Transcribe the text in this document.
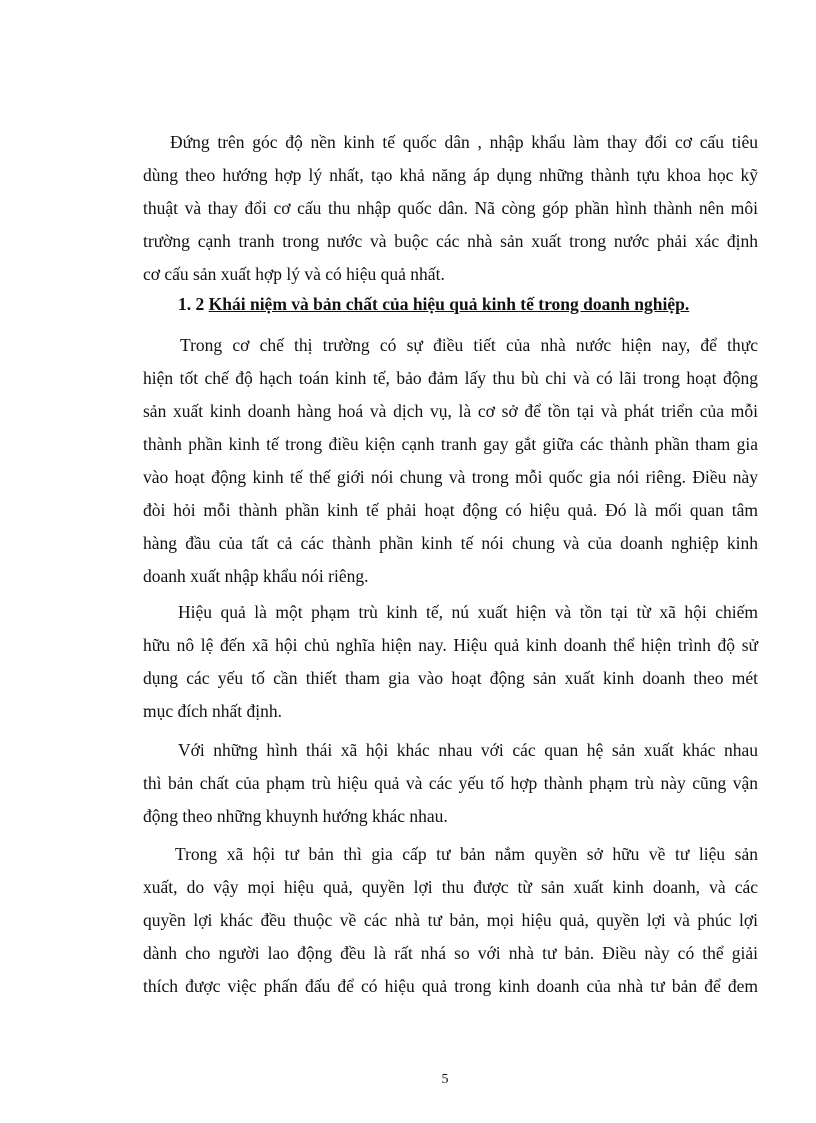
Đứng trên góc độ nền kinh tế quốc dân , nhập khẩu làm thay đổi cơ cấu tiêu
dùng theo hướng hợp lý nhất, tạo khả năng áp dụng những thành tựu khoa học kỹ
thuật và thay đổi cơ cấu thu nhập quốc dân. Nã còng góp phần hình thành nên môi
trường cạnh tranh trong nước và buộc các nhà sản xuất trong nước phải xác định
cơ cấu sản xuất hợp lý và có hiệu quả nhất.
1. 2 Khái niệm và bản chất của hiệu quả kinh tế trong doanh nghiệp.
Trong cơ chế thị trường có sự điều tiết của nhà nước hiện nay, để thực
hiện tốt chế độ hạch toán kinh tế, bảo đảm lấy thu bù chi và có lãi trong hoạt động
sản xuất kinh doanh hàng hoá và dịch vụ, là cơ sở để tồn tại và phát triển của mỗi
thành phần kinh tế trong điều kiện cạnh tranh gay gắt giữa các thành phần tham gia
vào hoạt động kinh tế thế giới nói chung và trong mỗi quốc gia nói riêng. Điều này
đòi hỏi mỗi thành phần kinh tế phải hoạt động có hiệu quả. Đó là mối quan tâm
hàng đầu của tất cả các thành phần kinh tế nói chung và của doanh nghiệp kinh
doanh xuất nhập khẩu nói riêng.
Hiệu quả là một phạm trù kinh tế, nú xuất hiện và tồn tại từ xã hội chiếm
hữu nô lệ đến xã hội chủ nghĩa hiện nay. Hiệu quả kinh doanh thể hiện trình độ sử
dụng các yếu tố cần thiết tham gia vào hoạt động sản xuất kinh doanh theo mét
mục đích nhất định.
Với những hình thái xã hội khác nhau với các quan hệ sản xuất khác nhau
thì bản chất của phạm trù hiệu quả và các yếu tố hợp thành phạm trù này cũng vận
động theo những khuynh hướng khác nhau.
Trong xã hội tư bản thì gia cấp tư bản nắm quyền sở hữu về tư liệu sản
xuất, do vậy mọi hiệu quả, quyền lợi thu được từ sản xuất kinh doanh, và các
quyền lợi khác đều thuộc về các nhà tư bản, mọi hiệu quả, quyền lợi và phúc lợi
dành cho người lao động đều là rất nhá so với nhà tư bản. Điều này có thể giải
thích được việc phấn đấu để có hiệu quả trong kinh doanh của nhà tư bản để đem
5
